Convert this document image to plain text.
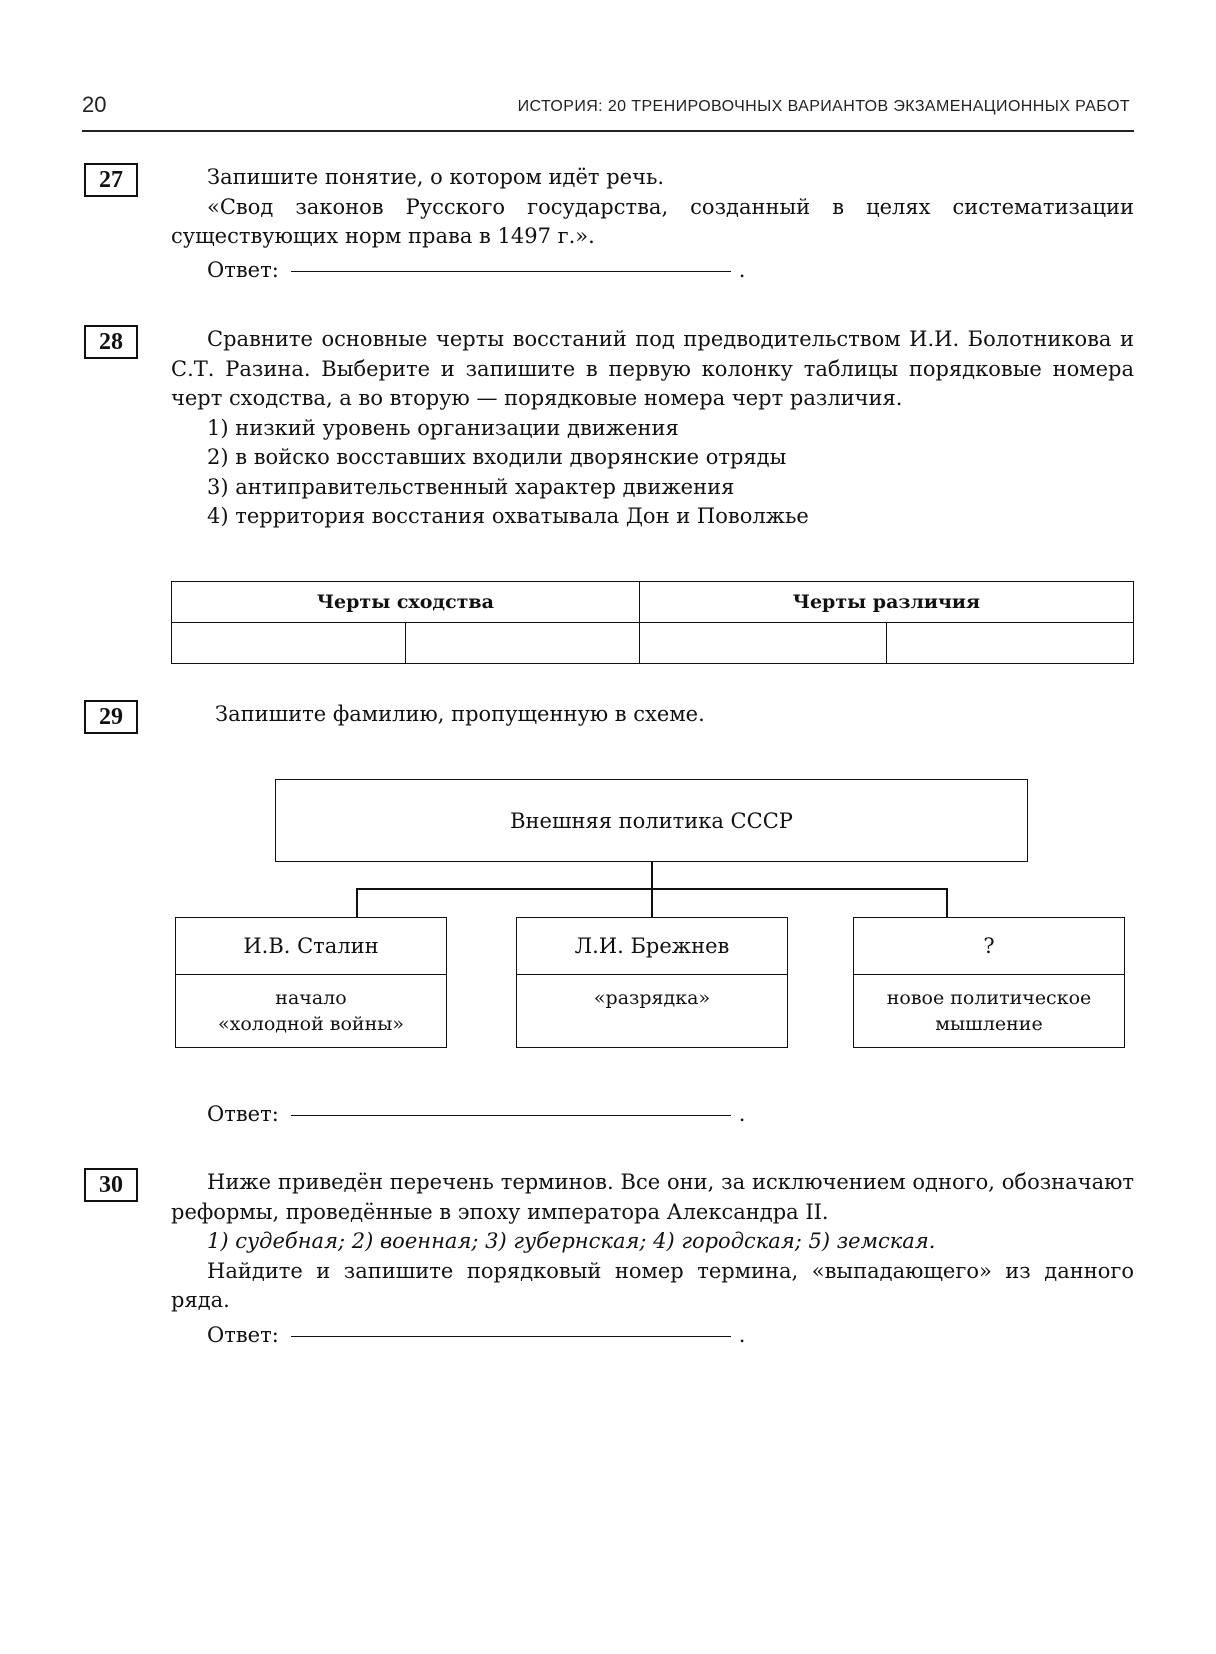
20	ИСТОРИЯ: 20 ТРЕНИРОВОЧНЫХ ВАРИАНТОВ ЭКЗАМЕНАЦИОННЫХ РАБОТ
27	Запишите понятие, о котором идёт речь.

«Свод законов Русского государства, созданный в целях систематизации существующих норм права в 1497 г.».

Ответ:	.
28	Сравните основные черты восстаний под предводительством И.И. Болотникова и С.Т. Разина. Выберите и запишите в первую колонку таблицы порядковые номера черт сходства, а во вторую — порядковые номера черт различия.

1) низкий уровень организации движения
2) в войско восставших входили дворянские отряды
3) антиправительственный характер движения
4) территория восстания охватывала Дон и Поволжье
Черты сходства		Черты различия	

29	Запишите фамилию, пропущенную в схеме.
Внешняя политика СССР
И.В. Сталин
начало
«холодной войны»
Л.И. Брежнев
«разрядка»
?
новое политическое
мышление
Ответ:	.
30	Ниже приведён перечень терминов. Все они, за исключением одного, обозначают реформы, проведённые в эпоху императора Александра II.

1) судебная; 2) военная; 3) губернская; 4) городская; 5) земская.

Найдите и запишите порядковый номер термина, «выпадающего» из данного ряда.

Ответ:	.
